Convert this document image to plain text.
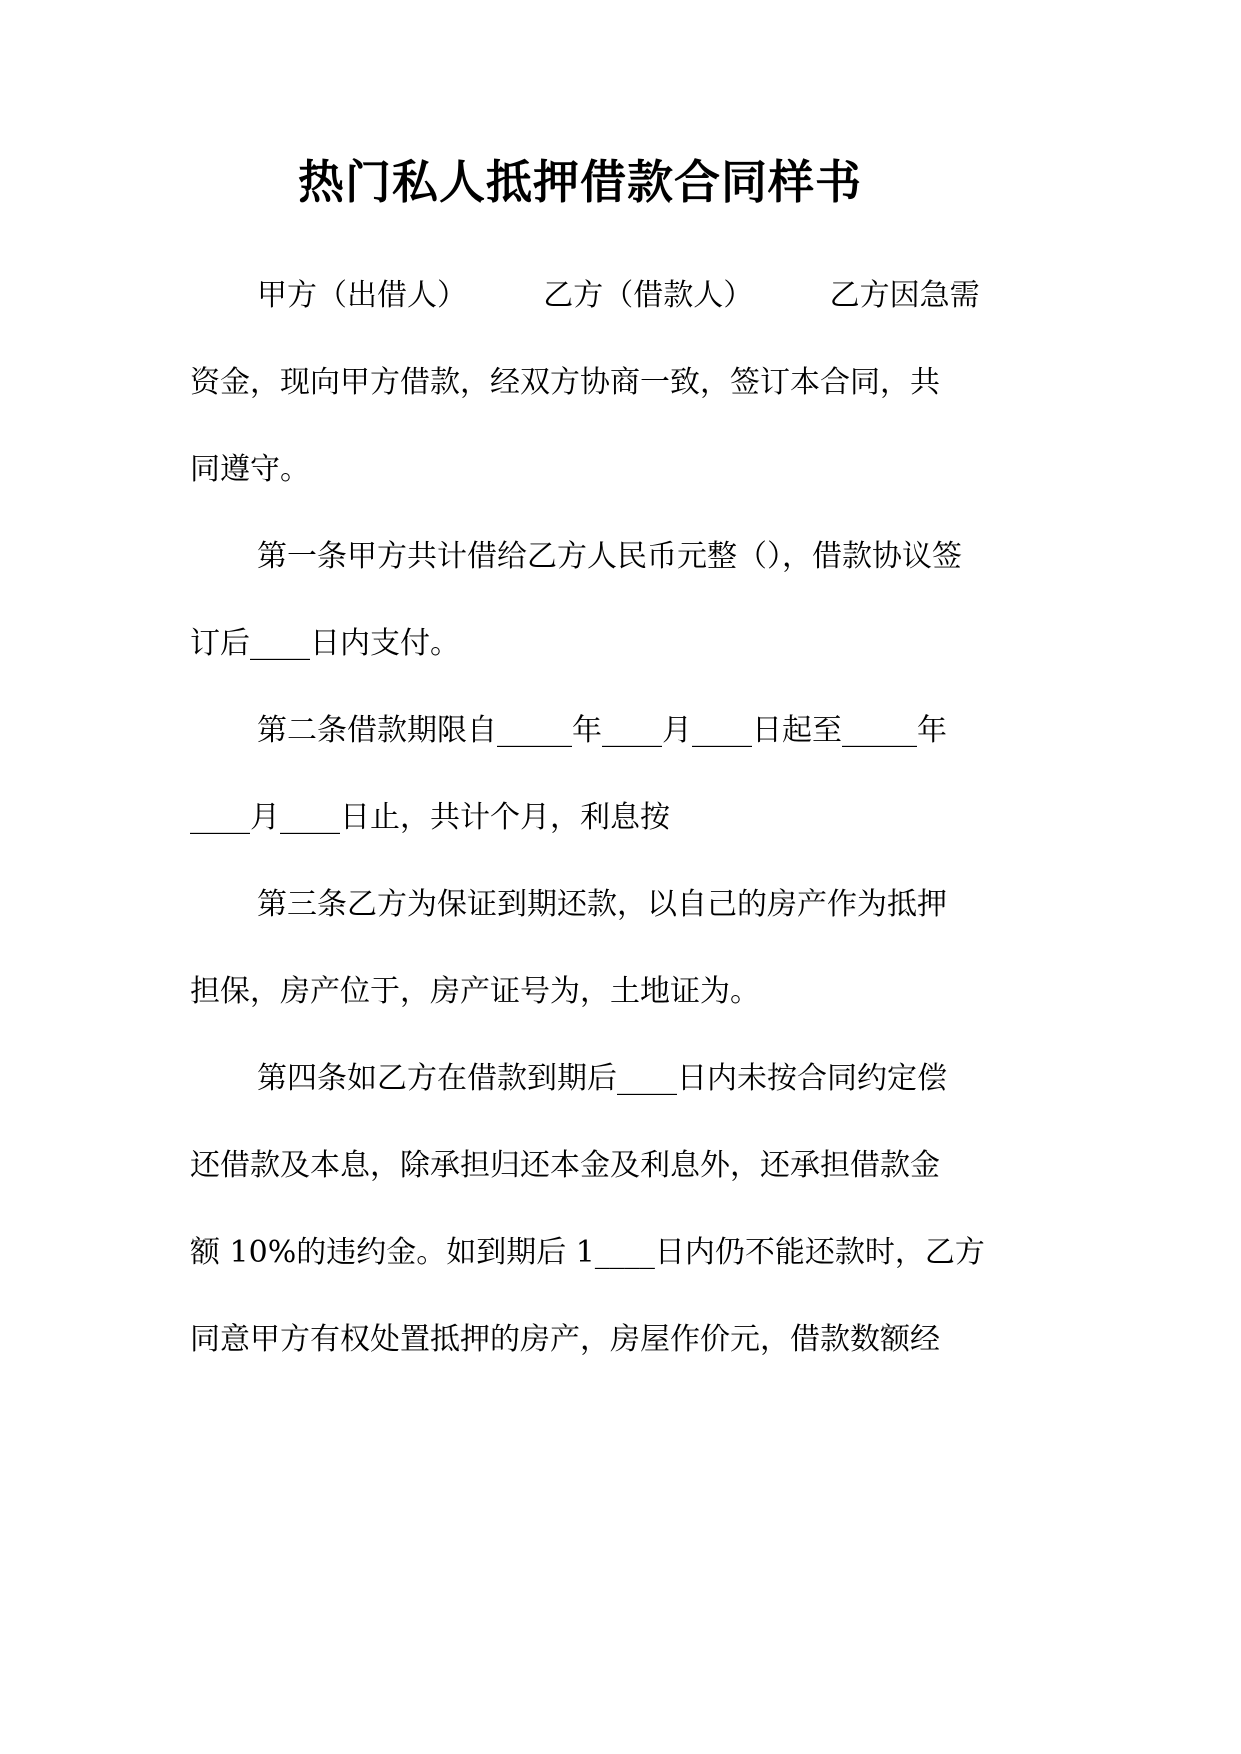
热门私人抵押借款合同样书
甲方（出借人）        乙方（借款人）        乙方因急需
资金，现向甲方借款，经双方协商一致，签订本合同，共
同遵守。
第一条甲方共计借给乙方人民币元整（），借款协议签
订后____日内支付。
第二条借款期限自_____年____月____日起至_____年
____月____日止，共计个月，利息按
第三条乙方为保证到期还款，以自己的房产作为抵押
担保，房产位于，房产证号为，土地证为。
第四条如乙方在借款到期后____日内未按合同约定偿
还借款及本息，除承担归还本金及利息外，还承担借款金
额 10%的违约金。如到期后 1____日内仍不能还款时，乙方
同意甲方有权处置抵押的房产，房屋作价元，借款数额经
